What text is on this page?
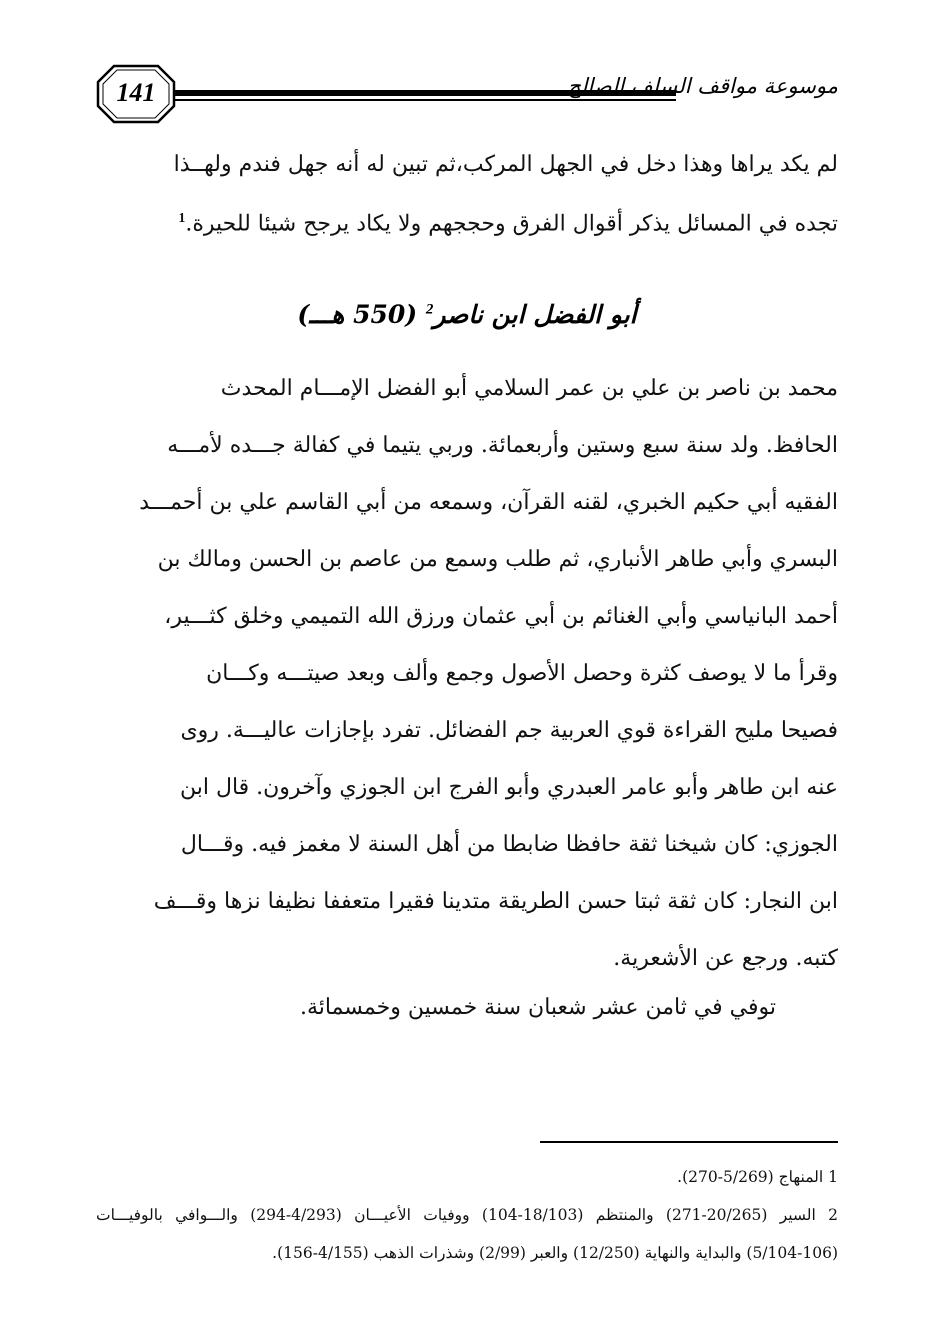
141	موسوعة مواقف السلف الصالح
لم يكد يراها وهذا دخل في الجهل المركب،ثم تبين له أنه جهل فندم ولهــذا
تجده في المسائل يذكر أقوال الفرق وحججهم ولا يكاد يرجح شيئا للحيرة.$^1$
أبو الفضل ابن ناصر$^2$ (550 هـــ)
محمد بن ناصر بن علي بن عمر السلامي أبو الفضل الإمـــام المحدث
الحافظ. ولد سنة سبع وستين وأربعمائة. وربي يتيما في كفالة جـــده لأمـــه
الفقيه أبي حكيم الخبري، لقنه القرآن، وسمعه من أبي القاسم علي بن أحمـــد
البسري وأبي طاهر الأنباري، ثم طلب وسمع من عاصم بن الحسن ومالك بن
أحمد البانياسي وأبي الغنائم بن أبي عثمان ورزق الله التميمي وخلق كثـــير،
وقرأ ما لا يوصف كثرة وحصل الأصول وجمع وألف وبعد صيتـــه وكـــان
فصيحا مليح القراءة قوي العربية جم الفضائل. تفرد بإجازات عاليـــة. روى
عنه ابن طاهر وأبو عامر العبدري وأبو الفرج ابن الجوزي وآخرون. قال ابن
الجوزي: كان شيخنا ثقة حافظا ضابطا من أهل السنة لا مغمز فيه. وقـــال
ابن النجار: كان ثقة ثبتا حسن الطريقة متدينا فقيرا متعففا نظيفا نزها وقـــف
كتبه. ورجع عن الأشعرية.
توفي في ثامن عشر شعبان سنة خمسين وخمسمائة.
1 المنهاج (5/269-270).
2 السير (20/265-271) والمنتظم (18/103-104) ووفيات الأعيـــان (4/293-294) والـــوافي بالوفيـــات
(5/104-106) والبداية والنهاية (12/250) والعبر (2/99) وشذرات الذهب (4/155-156).
